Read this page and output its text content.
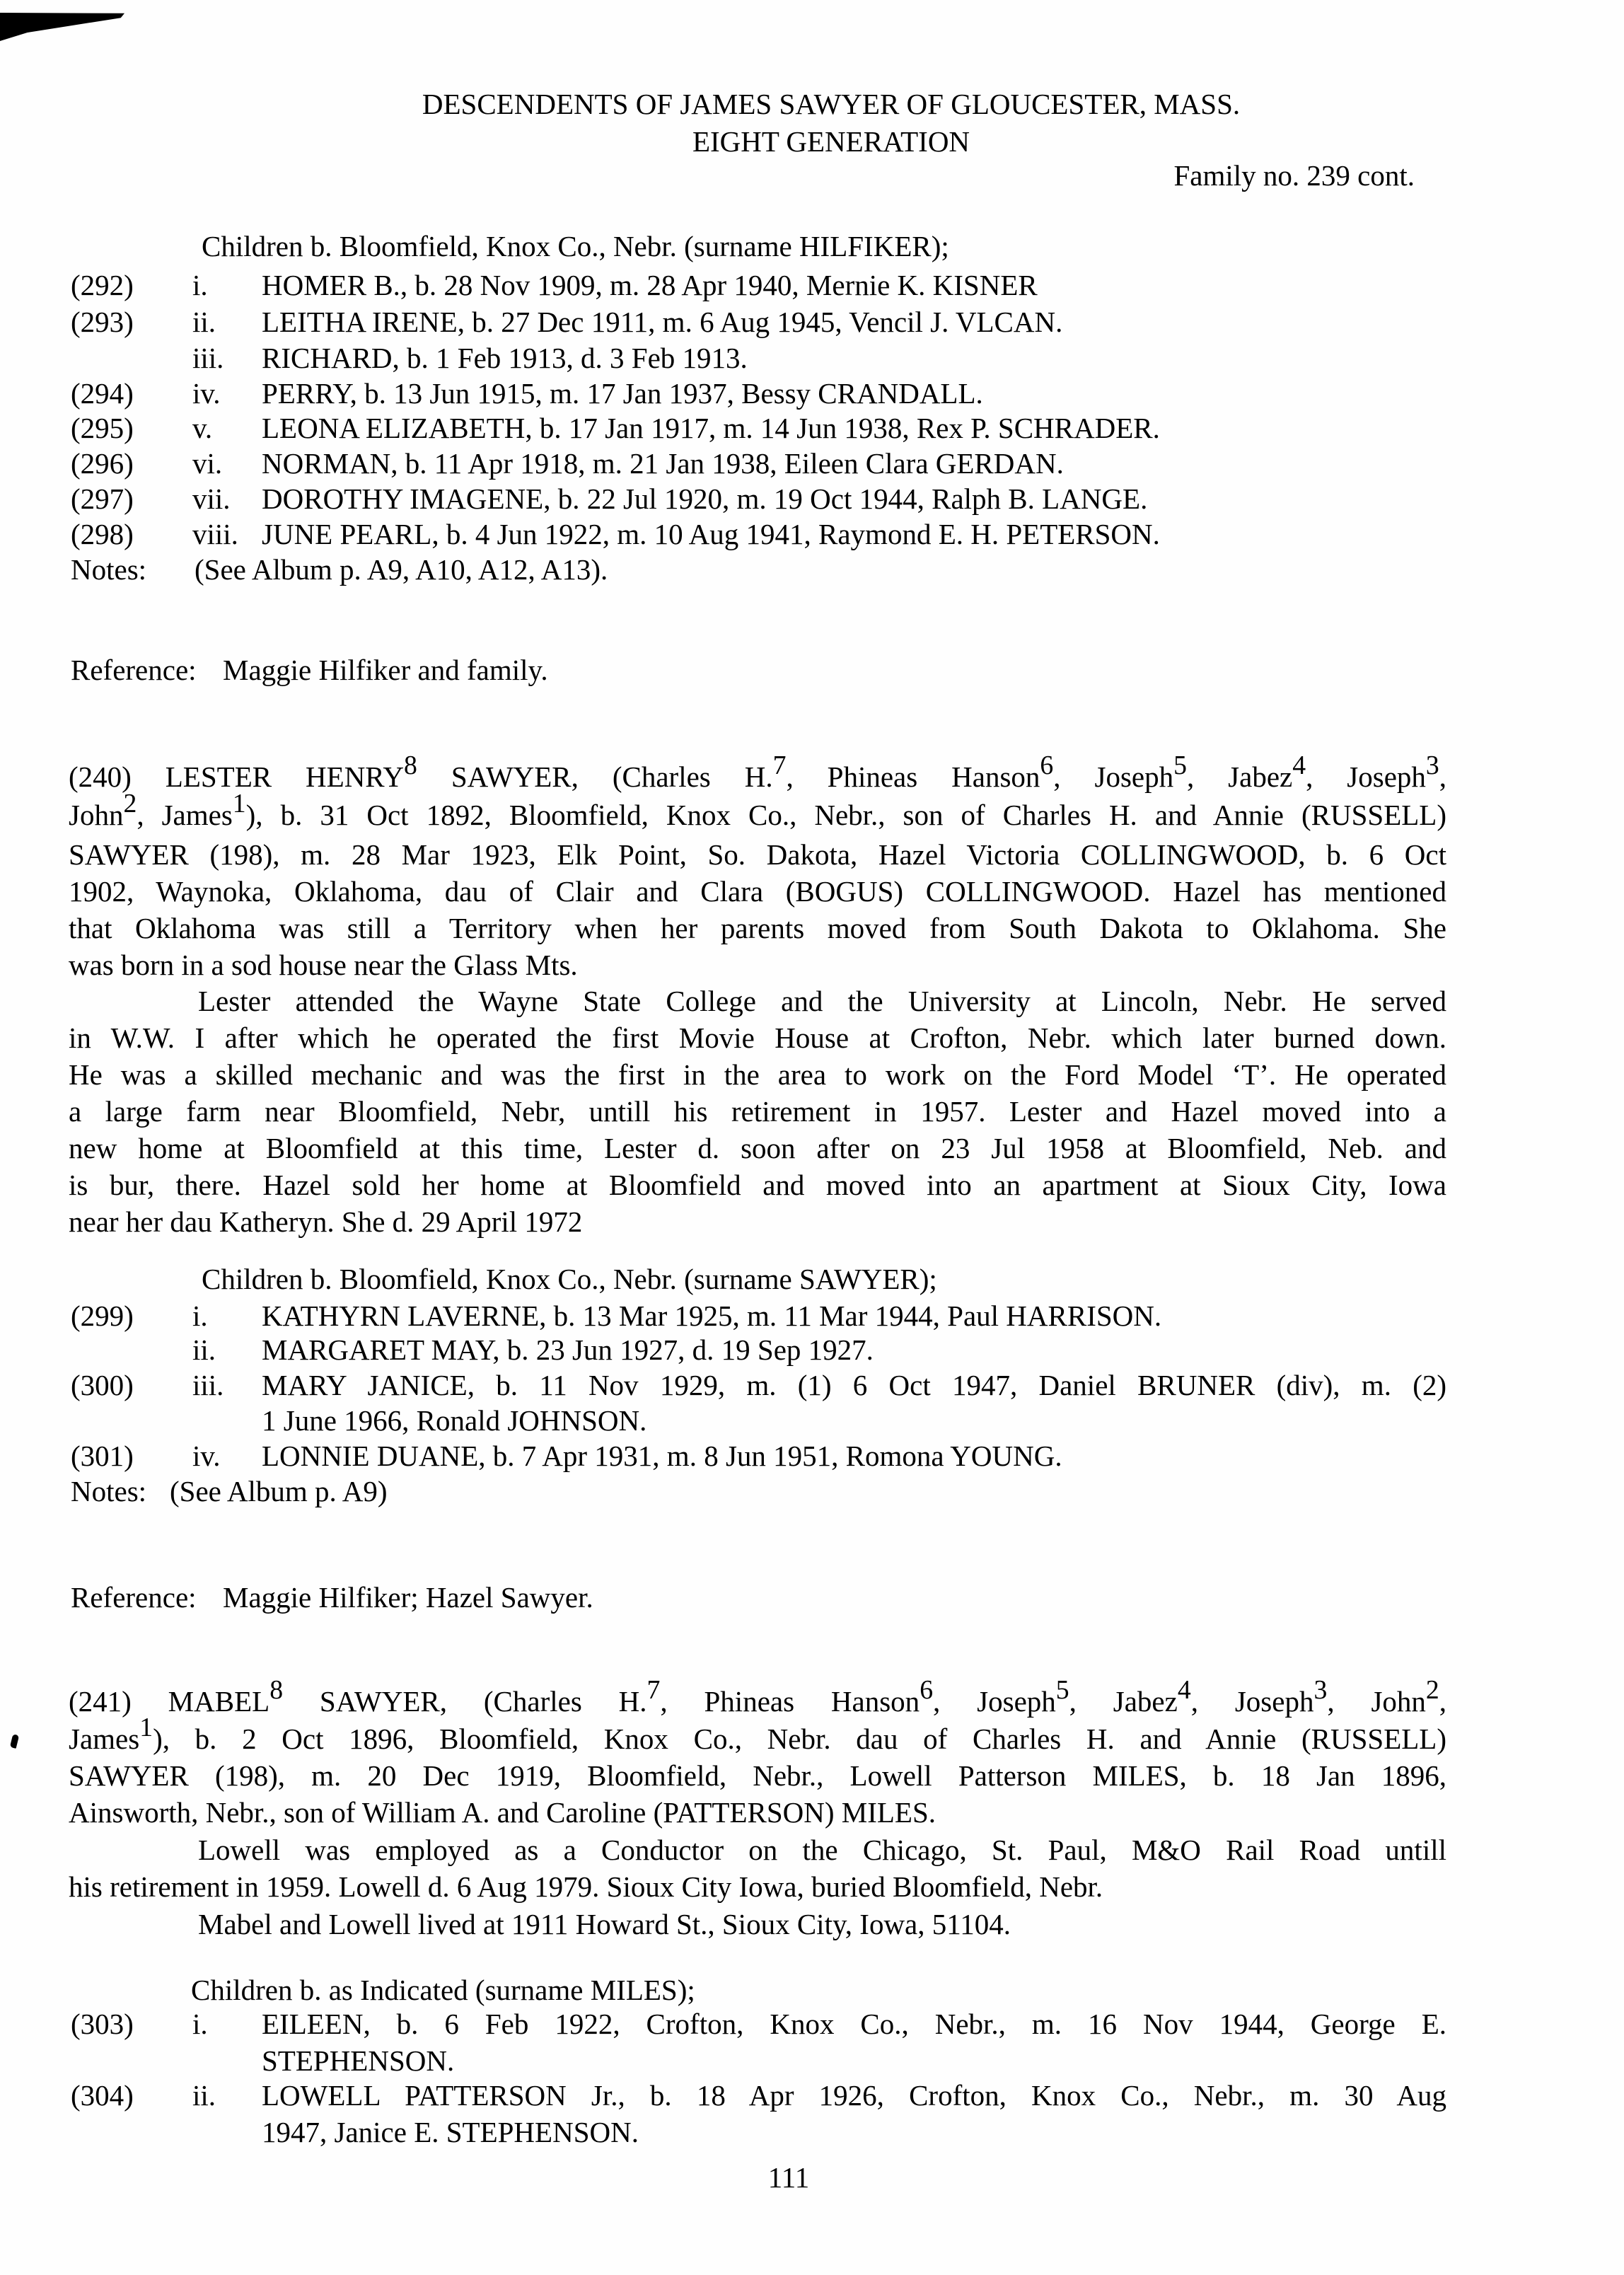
DESCENDENTS OF JAMES SAWYER OF GLOUCESTER, MASS.
EIGHT GENERATION
Family no. 239 cont.
Children b. Bloomfield, Knox Co., Nebr. (surname HILFIKER);
(292) i. HOMER B., b. 28 Nov 1909, m. 28 Apr 1940, Mernie K. KISNER
(293) ii. LEITHA IRENE, b. 27 Dec 1911, m. 6 Aug 1945, Vencil J. VLCAN.
iii. RICHARD, b. 1 Feb 1913, d. 3 Feb 1913.
(294) iv. PERRY, b. 13 Jun 1915, m. 17 Jan 1937, Bessy CRANDALL.
(295) v. LEONA ELIZABETH, b. 17 Jan 1917, m. 14 Jun 1938, Rex P. SCHRADER.
(296) vi. NORMAN, b. 11 Apr 1918, m. 21 Jan 1938, Eileen Clara GERDAN.
(297) vii. DOROTHY IMAGENE, b. 22 Jul 1920, m. 19 Oct 1944, Ralph B. LANGE.
(298) viii. JUNE PEARL, b. 4 Jun 1922, m. 10 Aug 1941, Raymond E. H. PETERSON.
Notes: (See Album p. A9, A10, A12, A13).
Reference: Maggie Hilfiker and family.
(240) LESTER HENRY8 SAWYER, (Charles H.7, Phineas Hanson6, Joseph5, Jabez4, Joseph3,
John2, James1), b. 31 Oct 1892, Bloomfield, Knox Co., Nebr., son of Charles H. and Annie (RUSSELL)
SAWYER (198), m. 28 Mar 1923, Elk Point, So. Dakota, Hazel Victoria COLLINGWOOD, b. 6 Oct
1902, Waynoka, Oklahoma, dau of Clair and Clara (BOGUS) COLLINGWOOD. Hazel has mentioned
that Oklahoma was still a Territory when her parents moved from South Dakota to Oklahoma. She
was born in a sod house near the Glass Mts.
Lester attended the Wayne State College and the University at Lincoln, Nebr. He served
in W.W. I after which he operated the first Movie House at Crofton, Nebr. which later burned down.
He was a skilled mechanic and was the first in the area to work on the Ford Model ‘T’. He operated
a large farm near Bloomfield, Nebr, untill his retirement in 1957. Lester and Hazel moved into a
new home at Bloomfield at this time, Lester d. soon after on 23 Jul 1958 at Bloomfield, Neb. and
is bur, there. Hazel sold her home at Bloomfield and moved into an apartment at Sioux City, Iowa
near her dau Katheryn. She d. 29 April 1972
Children b. Bloomfield, Knox Co., Nebr. (surname SAWYER);
(299) i. KATHYRN LAVERNE, b. 13 Mar 1925, m. 11 Mar 1944, Paul HARRISON.
ii. MARGARET MAY, b. 23 Jun 1927, d. 19 Sep 1927.
(300) iii. MARY JANICE, b. 11 Nov 1929, m. (1) 6 Oct 1947, Daniel BRUNER (div), m. (2)
1 June 1966, Ronald JOHNSON.
(301) iv. LONNIE DUANE, b. 7 Apr 1931, m. 8 Jun 1951, Romona YOUNG.
Notes: (See Album p. A9)
Reference: Maggie Hilfiker; Hazel Sawyer.
(241) MABEL8 SAWYER, (Charles H.7, Phineas Hanson6, Joseph5, Jabez4, Joseph3, John2,
James1), b. 2 Oct 1896, Bloomfield, Knox Co., Nebr. dau of Charles H. and Annie (RUSSELL)
SAWYER (198), m. 20 Dec 1919, Bloomfield, Nebr., Lowell Patterson MILES, b. 18 Jan 1896,
Ainsworth, Nebr., son of William A. and Caroline (PATTERSON) MILES.
Lowell was employed as a Conductor on the Chicago, St. Paul, M&O Rail Road untill
his retirement in 1959. Lowell d. 6 Aug 1979. Sioux City Iowa, buried Bloomfield, Nebr.
Mabel and Lowell lived at 1911 Howard St., Sioux City, Iowa, 51104.
Children b. as Indicated (surname MILES);
(303) i. EILEEN, b. 6 Feb 1922, Crofton, Knox Co., Nebr., m. 16 Nov 1944, George E.
STEPHENSON.
(304) ii. LOWELL PATTERSON Jr., b. 18 Apr 1926, Crofton, Knox Co., Nebr., m. 30 Aug
1947, Janice E. STEPHENSON.
111
